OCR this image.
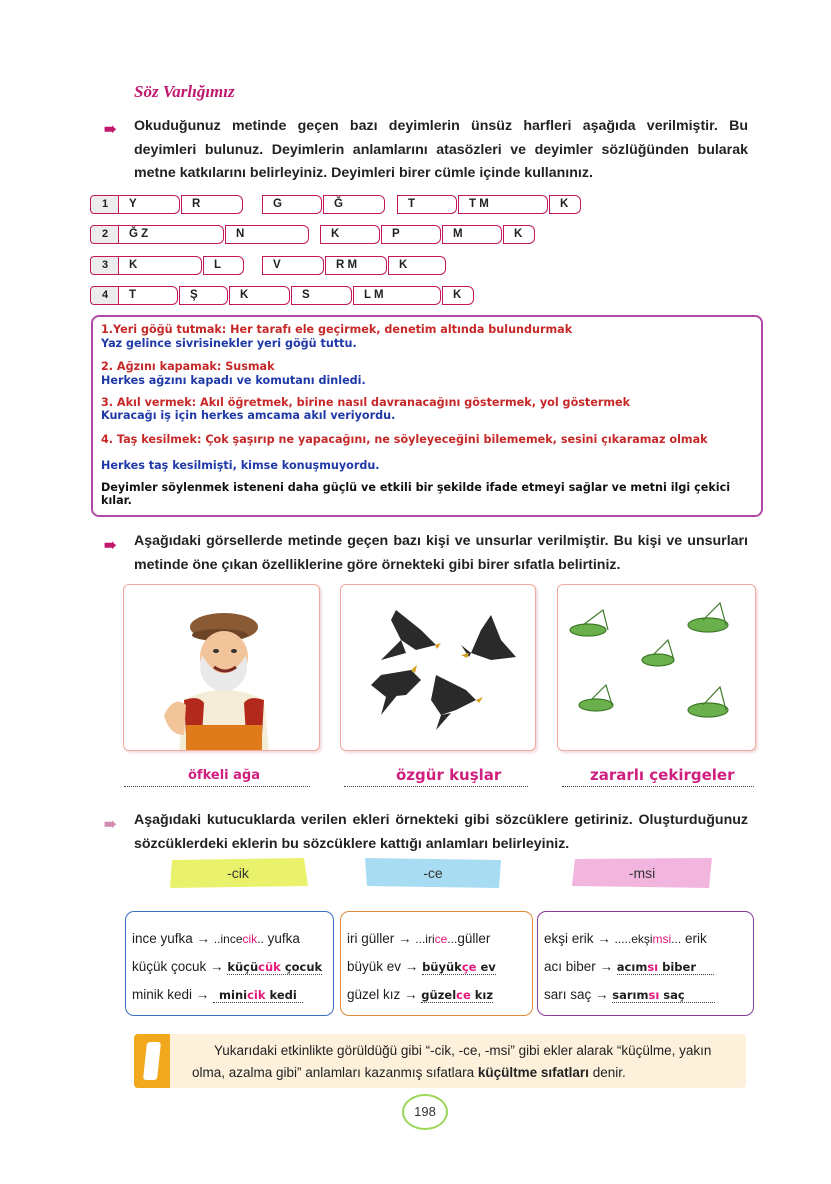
Söz Varlığımız
➠ Okuduğunuz metinde geçen bazı deyimlerin ünsüz harfleri aşağıda verilmiştir. Bu deyimleri bulunuz. Deyimlerin anlamlarını atasözleri ve deyimler sözlüğünden bularak metne katkılarını belirleyiniz. Deyimleri birer cümle içinde kullanınız.
1	Y	R	G	Ğ	T	T M	K
2	Ğ Z	N	K	P	M	K
3	K	L	V	R M	K
4	T	Ş	K	S	L M	K
1.Yeri göğü tutmak: Her tarafı ele geçirmek, denetim altında bulundurmak
Yaz gelince sivrisinekler yeri göğü tuttu.
2. Ağzını kapamak: Susmak
Herkes ağzını kapadı ve komutanı dinledi.
3. Akıl vermek: Akıl öğretmek, birine nasıl davranacağını göstermek, yol göstermek
Kuracağı iş için herkes amcama akıl veriyordu.
4. Taş kesilmek: Çok şaşırıp ne yapacağını, ne söyleyeceğini bilememek, sesini çıkaramaz olmak
Herkes taş kesilmişti, kimse konuşmuyordu.
Deyimler söylenmek isteneni daha güçlü ve etkili bir şekilde ifade etmeyi sağlar ve metni ilgi çekici kılar.
➠ Aşağıdaki görsellerde metinde geçen bazı kişi ve unsurlar verilmiştir. Bu kişi ve unsurları metinde öne çıkan özelliklerine göre örnekteki gibi birer sıfatla belirtiniz.
öfkeli ağa	özgür kuşlar	zararlı çekirgeler
➠ Aşağıdaki kutucuklarda verilen ekleri örnekteki gibi sözcüklere getiriniz. Oluşturduğunuz sözcüklerdeki eklerin bu sözcüklere kattığı anlamları belirleyiniz.
-cik	-ce	-msi
ince yufka → ..incecik.. yufka
küçük çocuk → küçücük çocuk
minik kedi → minicik kedi
iri güller → ...irice...güller
büyük ev → büyükçe ev
güzel kız → güzelce kız
ekşi erik → .....ekşimsi... erik
acı biber → acımsı biber
sarı saç → sarımsı saç
Yukarıdaki etkinlikte görüldüğü gibi “-cik, -ce, -msi” gibi ekler alarak “küçülme, yakın olma, azalma gibi” anlamları kazanmış sıfatlara küçültme sıfatları denir.
198
